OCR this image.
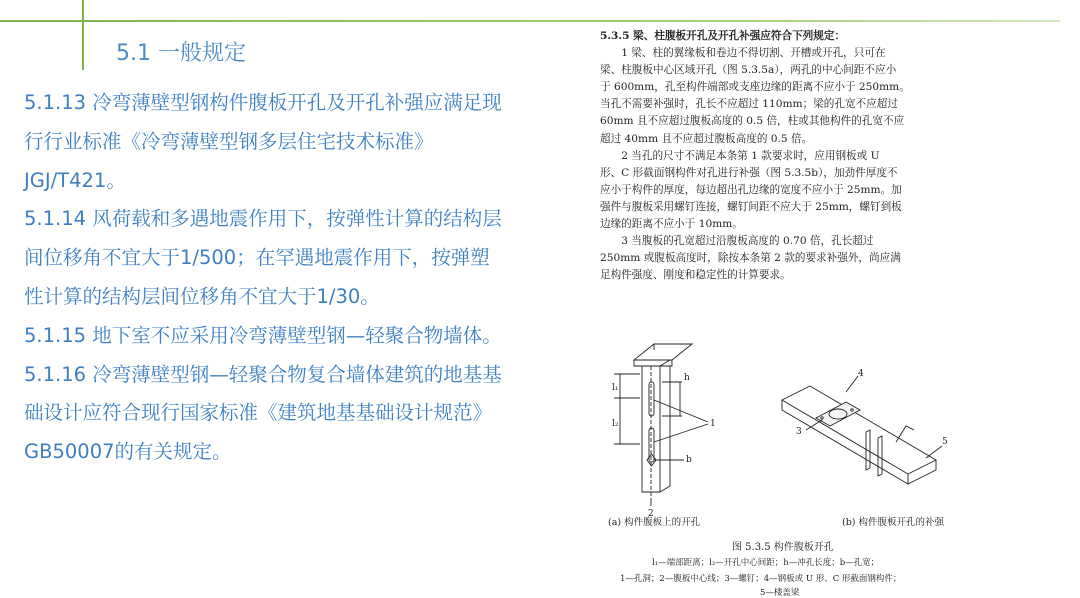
5.1 一般规定

5.1.13 冷弯薄壁型钢构件腹板开孔及开孔补强应满足现
行行业标准《冷弯薄壁型钢多层住宅技术标准》
JGJ/T421。

5.1.14 风荷载和多遇地震作用下，按弹性计算的结构层
间位移角不宜大于1/500；在罕遇地震作用下，按弹塑
性计算的结构层间位移角不宜大于1/30。

5.1.15 地下室不应采用冷弯薄壁型钢—轻聚合物墙体。

5.1.16 冷弯薄壁型钢—轻聚合物复合墙体建筑的地基基
础设计应符合现行国家标准《建筑地基基础设计规范》
GB50007的有关规定。

5.3.5 梁、柱腹板开孔及开孔补强应符合下列规定：

1 梁、柱的翼缘板和卷边不得切割、开槽或开孔，只可在
梁、柱腹板中心区域开孔（图 5.3.5a），两孔的中心间距不应小
于 600mm，孔至构件端部或支座边缘的距离不应小于 250mm。
当孔不需要补强时，孔长不应超过 110mm；梁的孔宽不应超过
60mm 且不应超过腹板高度的 0.5 倍，柱或其他构件的孔宽不应
超过 40mm 且不应超过腹板高度的 0.5 倍。

2 当孔的尺寸不满足本条第 1 款要求时，应用钢板或 U
形、C 形截面钢构件对孔进行补强（图 5.3.5b），加劲件厚度不
应小于构件的厚度，每边超出孔边缘的宽度不应小于 25mm。加
强件与腹板采用螺钉连接，螺钉间距不应大于 25mm，螺钉到板
边缘的距离不应小于 10mm。

3 当腹板的孔宽超过沿腹板高度的 0.70 倍，孔长超过
250mm 或腹板高度时，除按本条第 2 款的要求补强外，尚应满
足构件强度、刚度和稳定性的计算要求。

l₁
l₂
h
b
1
2
3
4
5
(a) 构件腹板上的开孔	(b) 构件腹板开孔的补强
图 5.3.5 构件腹板开孔
l₁—端部距离；l₂—开孔中心间距；h—冲孔长度；b—孔宽；
1—孔洞；2—腹板中心线；3—螺钉；4—钢板或 U 形、C 形截面钢构件；
5—楼盖梁
